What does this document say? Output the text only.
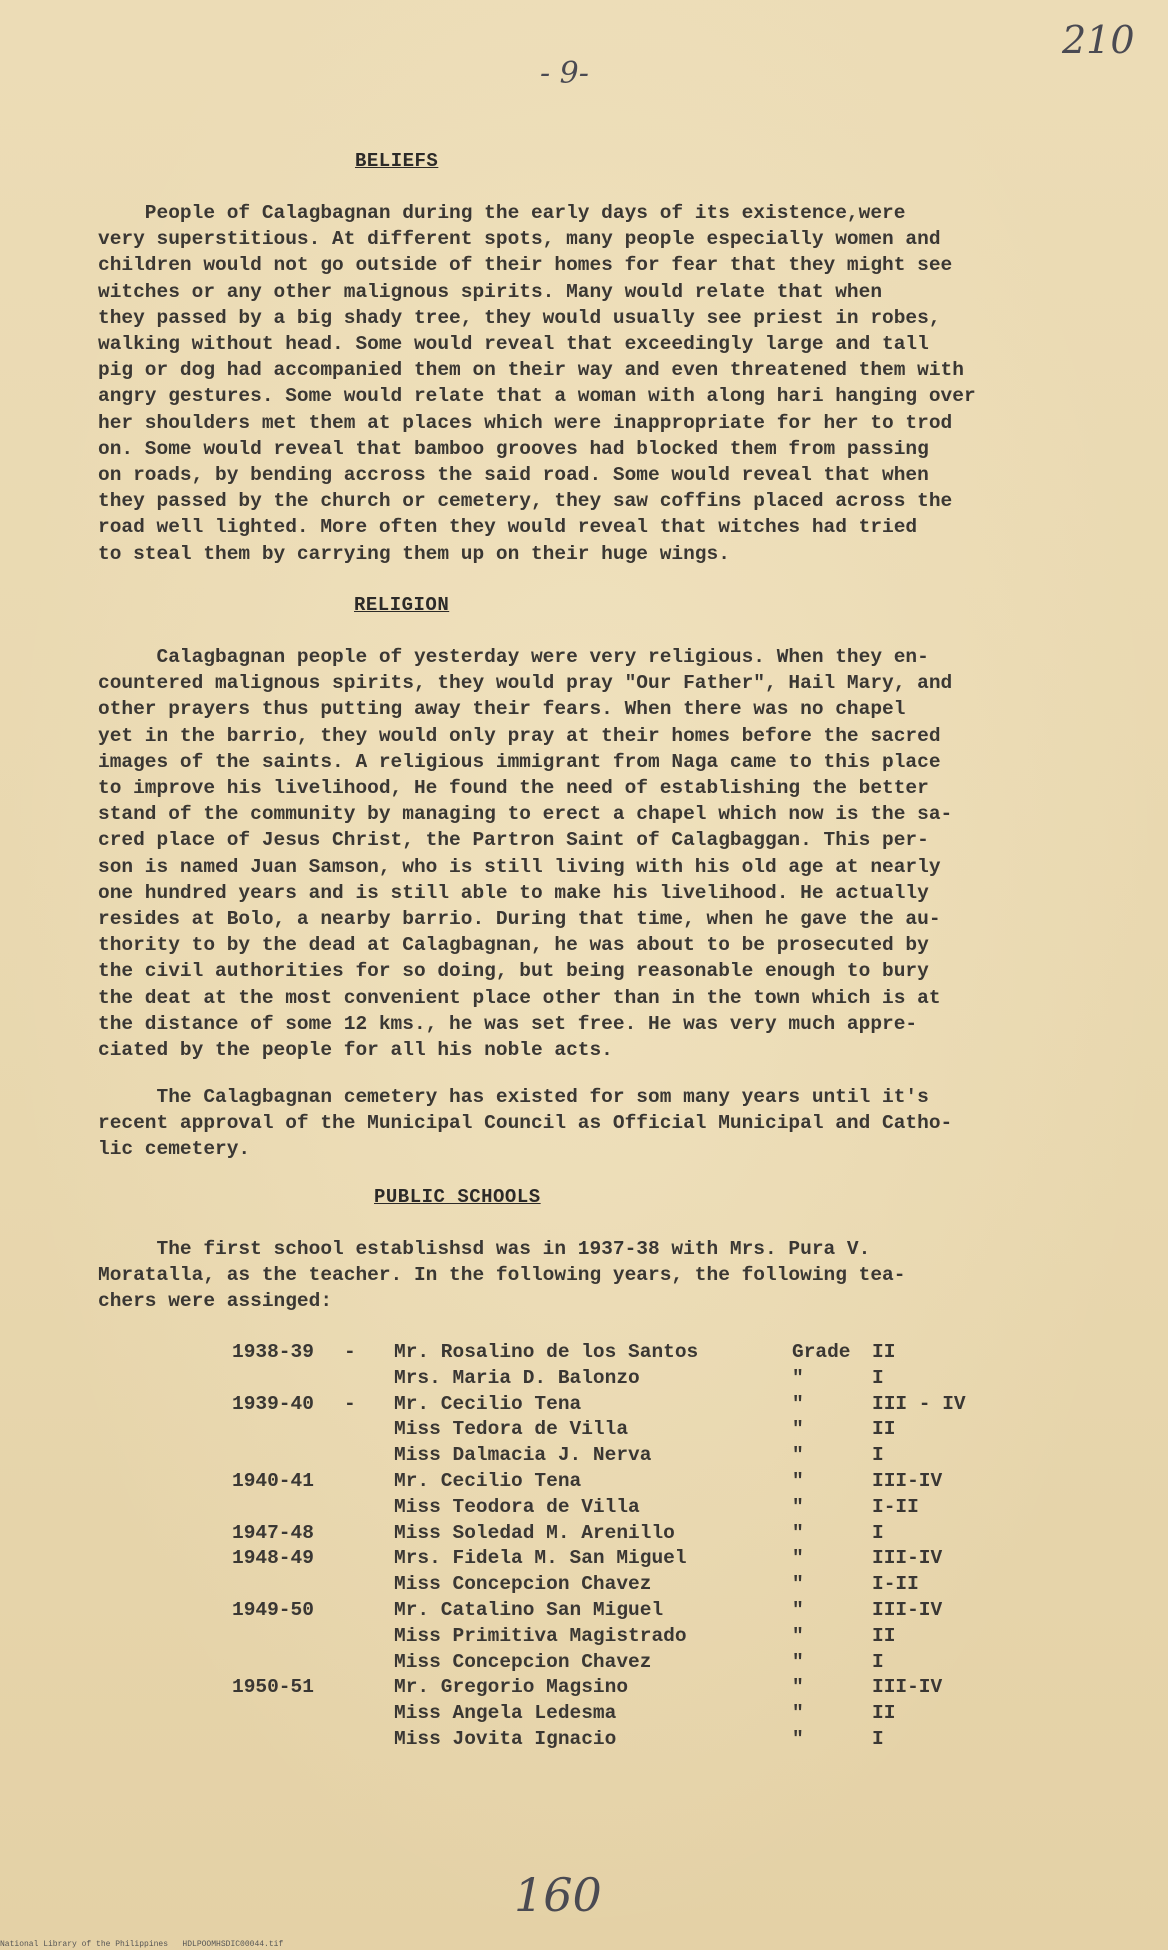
210
- 9-
BELIEFS
People of Calagbagnan during the early days of its existence,were
very superstitious. At different spots, many people especially women and
children would not go outside of their homes for fear that they might see
witches or any other malignous spirits. Many would relate that when
they passed by a big shady tree, they would usually see priest in robes,
walking without head. Some would reveal that exceedingly large and tall
pig or dog had accompanied them on their way and even threatened them with
angry gestures. Some would relate that a woman with along hari hanging over
her shoulders met them at places which were inappropriate for her to trod
on. Some would reveal that bamboo grooves had blocked them from passing
on roads, by bending accross the said road. Some would reveal that when
they passed by the church or cemetery, they saw coffins placed across the
road well lighted. More often they would reveal that witches had tried
to steal them by carrying them up on their huge wings.
RELIGION
Calagbagnan people of yesterday were very religious. When they en-
countered malignous spirits, they would pray "Our Father", Hail Mary, and
other prayers thus putting away their fears. When there was no chapel
yet in the barrio, they would only pray at their homes before the sacred
images of the saints. A religious immigrant from Naga came to this place
to improve his livelihood, He found the need of establishing the better
stand of the community by managing to erect a chapel which now is the sa-
cred place of Jesus Christ, the Partron Saint of Calagbaggan. This per-
son is named Juan Samson, who is still living with his old age at nearly
one hundred years and is still able to make his livelihood. He actually
resides at Bolo, a nearby barrio. During that time, when he gave the au-
thority to by the dead at Calagbagnan, he was about to be prosecuted by
the civil authorities for so doing, but being reasonable enough to bury
the deat at the most convenient place other than in the town which is at
the distance of some 12 kms., he was set free. He was very much appre-
ciated by the people for all his noble acts.
The Calagbagnan cemetery has existed for som many years until it's
recent approval of the Municipal Council as Official Municipal and Catho-
lic cemetery.
PUBLIC SCHOOLS
The first school establishsd was in 1937-38 with Mrs. Pura V.
Moratalla, as the teacher. In the following years, the following tea-
chers were assinged:
1938-39 - Mr. Rosalino de los Santos	Grade II
Mrs. Maria D. Balonzo	"	I
1939-40 - Mr. Cecilio Tena	"	III - IV
Miss Tedora de Villa	"	II
Miss Dalmacia J. Nerva	"	I
1940-41	Mr. Cecilio Tena	"	III-IV
Miss Teodora de Villa	"	I-II
1947-48	Miss Soledad M. Arenillo	"	I
1948-49	Mrs. Fidela M. San Miguel	"	III-IV
Miss Concepcion Chavez	"	I-II
1949-50	Mr. Catalino San Miguel	"	III-IV
Miss Primitiva Magistrado	"	II
Miss Concepcion Chavez	"	I
1950-51	Mr. Gregorio Magsino	"	III-IV
Miss Angela Ledesma	"	II
Miss Jovita Ignacio	"	I
160
National Library of the Philippines   HDLPOOMHSDIC00044.tif
